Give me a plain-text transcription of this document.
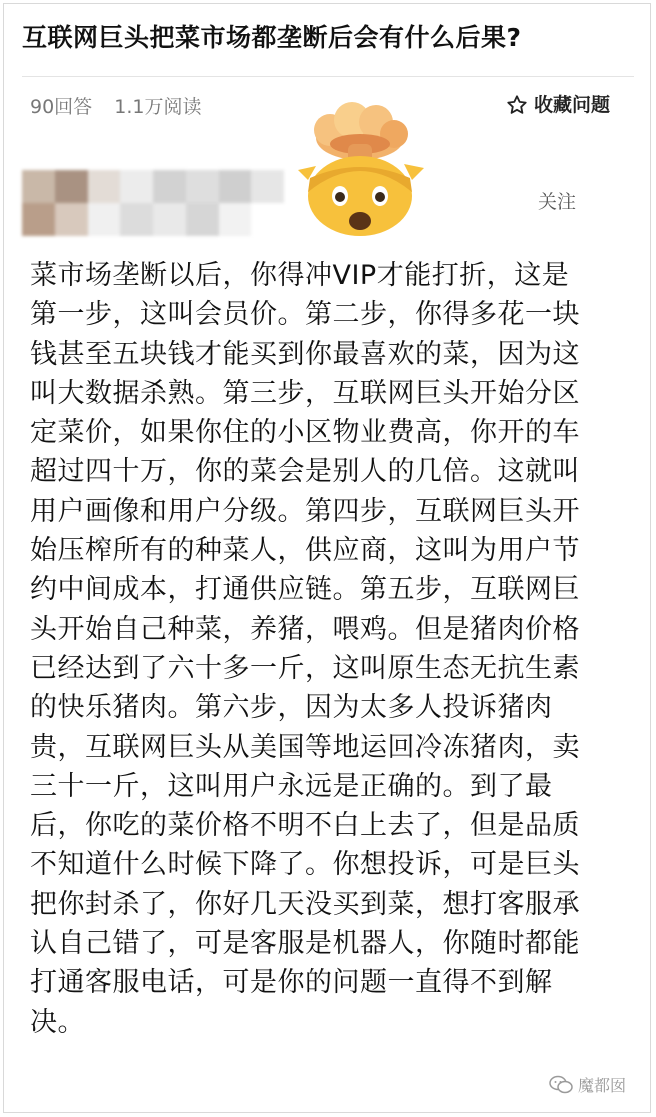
互联网巨头把菜市场都垄断后会有什么后果?
90回答 1.1万阅读	收藏问题
关注
菜市场垄断以后，你得冲VIP才能打折，这是
第一步，这叫会员价。第二步，你得多花一块
钱甚至五块钱才能买到你最喜欢的菜，因为这
叫大数据杀熟。第三步，互联网巨头开始分区
定菜价，如果你住的小区物业费高，你开的车
超过四十万，你的菜会是别人的几倍。这就叫
用户画像和用户分级。第四步，互联网巨头开
始压榨所有的种菜人，供应商，这叫为用户节
约中间成本，打通供应链。第五步，互联网巨
头开始自己种菜，养猪，喂鸡。但是猪肉价格
已经达到了六十多一斤，这叫原生态无抗生素
的快乐猪肉。第六步，因为太多人投诉猪肉
贵，互联网巨头从美国等地运回冷冻猪肉，卖
三十一斤，这叫用户永远是正确的。到了最
后，你吃的菜价格不明不白上去了，但是品质
不知道什么时候下降了。你想投诉，可是巨头
把你封杀了，你好几天没买到菜，想打客服承
认自己错了，可是客服是机器人，你随时都能
打通客服电话，可是你的问题一直得不到解
决。
魔都囡
